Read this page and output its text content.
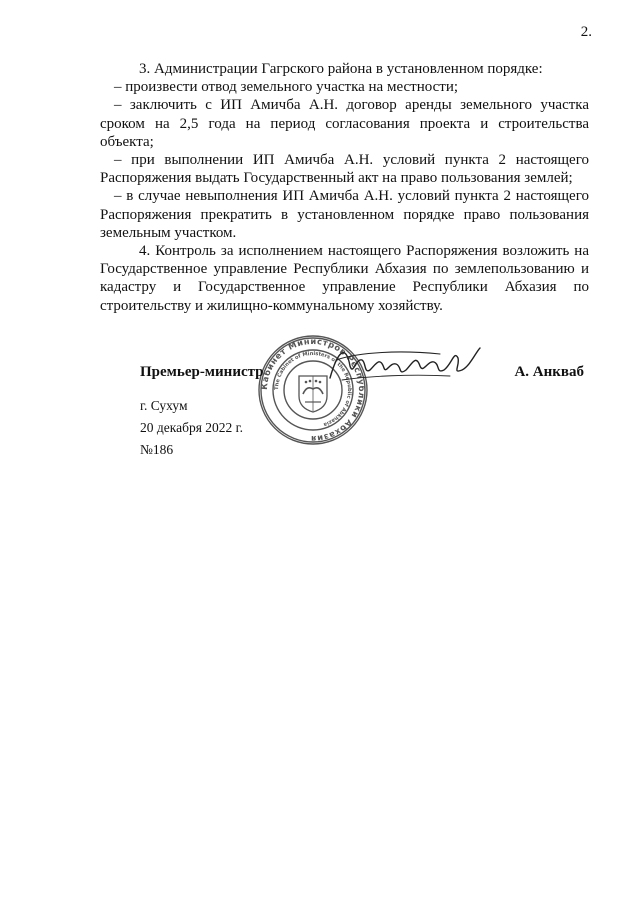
2.

3. Администрации Гагрского района в установленном порядке:

– произвести отвод земельного участка на местности;

– заключить с ИП Амичба А.Н. договор аренды земельного участка сроком на 2,5 года на период согласования проекта и строительства объекта;

– при выполнении ИП Амичба А.Н. условий пункта 2 настоящего Распоряжения выдать Государственный акт на право пользования землей;

– в случае невыполнения ИП Амичба А.Н. условий пункта 2 настоящего Распоряжения прекратить в установленном порядке право пользования земельным участком.

4. Контроль за исполнением настоящего Распоряжения возложить на Государственное управление Республики Абхазия по землепользованию и кадастру и Государственное управление Республики Абхазия по строительству и жилищно-коммунальному хозяйству.

Кабинет Министров Республики Абхазия
The Cabinet of Ministers of the Republic of Abkhazia
Премьер-министр	А. Анкваб
г. Сухум
20 декабря 2022 г.
№186
